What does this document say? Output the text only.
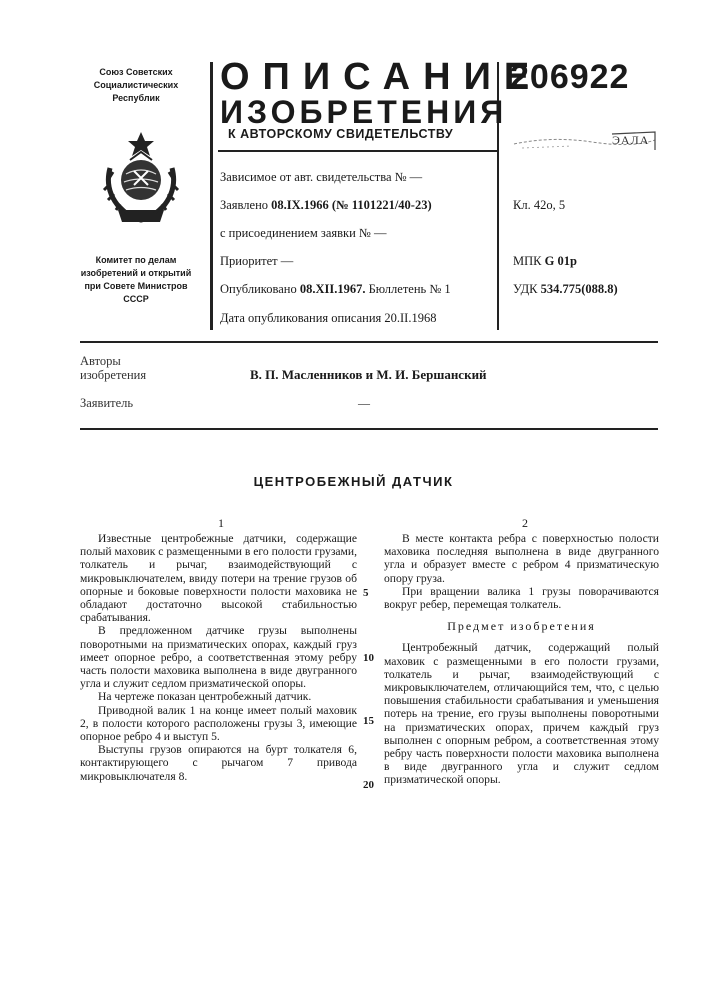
Союз Советских
Социалистических
Республик
Комитет по делам
изобретений и открытий
при Совете Министров
СССР
ОПИСАНИЕ
ИЗОБРЕТЕНИЯ
К АВТОРСКОМУ СВИДЕТЕЛЬСТВУ
206922
ЭАЛА
Зависимое от авт. свидетельства № —
Заявлено 08.IX.1966 (№ 1101221/40-23)
с присоединением заявки № —
Приоритет —
Опубликовано 08.XII.1967. Бюллетень № 1
Дата опубликования описания 20.II.1968
Кл. 42о, 5
МПК G 01p
УДК 534.775(088.8)
Авторы
изобретения	В. П. Масленников и М. И. Бершанский
Заявитель	—
ЦЕНТРОБЕЖНЫЙ ДАТЧИК
1	2

Известные центробежные датчики, содержащие полый маховик с размещенными в его полости грузами, толкатель и рычаг, взаимодействующий с микровыключателем, ввиду потери на трение грузов об опорные и боковые поверхности полости маховика не обладают достаточно высокой стабильностью срабатывания.

В предложенном датчике грузы выполнены поворотными на призматических опорах, каждый груз имеет опорное ребро, а соответственная этому ребру часть полости маховика выполнена в виде двугранного угла и служит седлом призматической опоры.

На чертеже показан центробежный датчик.

Приводной валик 1 на конце имеет полый маховик 2, в полости которого расположены грузы 3, имеющие опорное ребро 4 и выступ 5.

Выступы грузов опираются на бурт толкателя 6, контактирующего с рычагом 7 привода микровыключателя 8.

5
10
15
20

В месте контакта ребра с поверхностью полости маховика последняя выполнена в виде двугранного угла и образует вместе с ребром 4 призматическую опору груза.

При вращении валика 1 грузы поворачиваются вокруг ребер, перемещая толкатель.

Предмет изобретения

Центробежный датчик, содержащий полый маховик с размещенными в его полости грузами, толкатель и рычаг, взаимодействующий с микровыключателем, отличающийся тем, что, с целью повышения стабильности срабатывания и уменьшения потерь на трение, его грузы выполнены поворотными на призматических опорах, причем каждый груз выполнен с опорным ребром, а соответственная этому ребру часть поверхности полости маховика выполнена в виде двугранного угла и служит седлом призматической опоры.
